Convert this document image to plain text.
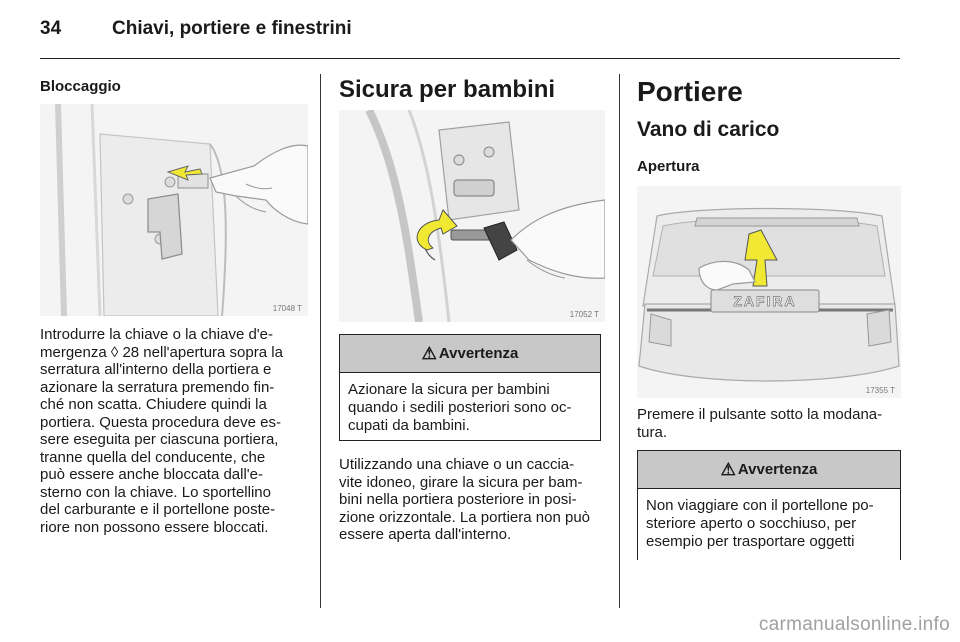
34	Chiavi, portiere e finestrini
Bloccaggio
17048 T
Introdurre la chiave o la chiave d'e-
mergenza ◊ 28 nell'apertura sopra la
serratura all'interno della portiera e
azionare la serratura premendo fin-
ché non scatta. Chiudere quindi la
portiera. Questa procedura deve es-
sere eseguita per ciascuna portiera,
tranne quella del conducente, che
può essere anche bloccata dall'e-
sterno con la chiave. Lo sportellino
del carburante e il portellone poste-
riore non possono essere bloccati.
Sicura per bambini
17052 T
⚠ Avvertenza
Azionare la sicura per bambini
quando i sedili posteriori sono oc-
cupati da bambini.
Utilizzando una chiave o un caccia-
vite idoneo, girare la sicura per bam-
bini nella portiera posteriore in posi-
zione orizzontale. La portiera non può
essere aperta dall'interno.
Portiere
Vano di carico
Apertura
ZAFIRA
17355 T
Premere il pulsante sotto la modana-
tura.
⚠ Avvertenza
Non viaggiare con il portellone po-
steriore aperto o socchiuso, per
esempio per trasportare oggetti
carmanualsonline.info
